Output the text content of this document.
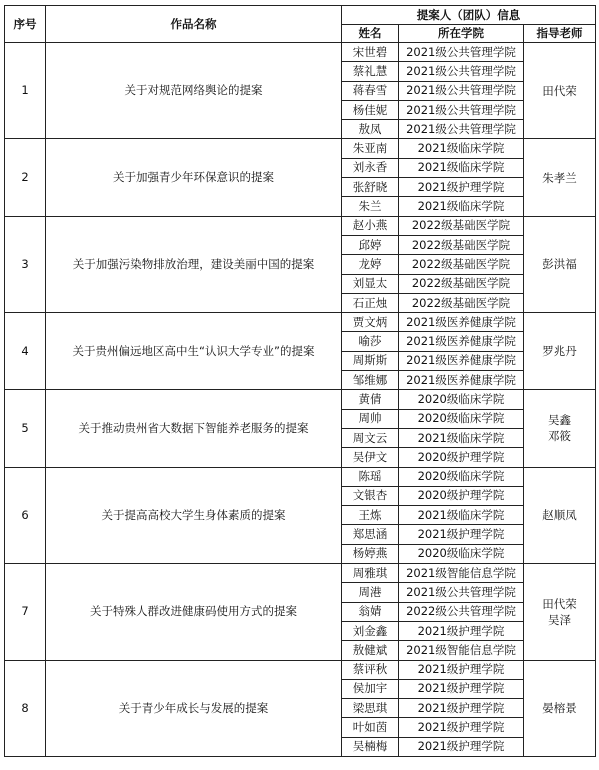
序号	作品名称	提案人（团队）信息		
		姓名	所在学院	指导老师
1	关于对规范网络舆论的提案	宋世碧	2021级公共管理学院	田代荣

		蔡礼慧	2021级公共管理学院	
		蒋春雪	2021级公共管理学院	
		杨佳妮	2021级公共管理学院	
		敖凤	2021级公共管理学院	
2	关于加强青少年环保意识的提案	朱亚南	2021级临床学院	朱孝兰

		刘永香	2021级临床学院	
		张舒晓	2021级护理学院	
		朱兰	2021级临床学院	
3	关于加强污染物排放治理，建设美丽中国的提案	赵小燕	2022级基础医学院	彭洪福

		邱婷	2022级基础医学院	
		龙婷	2022级基础医学院	
		刘显太	2022级基础医学院	
		石正烛	2022级基础医学院	
4	关于贵州偏远地区高中生“认识大学专业”的提案	贾文炳	2021级医养健康学院	罗兆丹

		喻莎	2021级医养健康学院	
		周斯斯	2021级医养健康学院	
		邹维娜	2021级医养健康学院	
5	关于推动贵州省大数据下智能养老服务的提案	黄倩	2020级临床学院	吴鑫
邓筱

		周帅	2020级临床学院	
		周文云	2021级临床学院	
		吴伊文	2020级护理学院	
6	关于提高高校大学生身体素质的提案	陈瑶	2020级临床学院	赵顺凤

		文银杏	2020级护理学院	
		王炼	2021级临床学院	
		郑思涵	2021级护理学院	
		杨婷燕	2020级临床学院	
7	关于特殊人群改进健康码使用方式的提案	周雅琪	2021级智能信息学院	田代荣
吴泽

		周港	2021级公共管理学院	
		翁婧	2022级公共管理学院	
		刘金鑫	2021级护理学院	
		敖健斌	2021级智能信息学院	
8	关于青少年成长与发展的提案	蔡评秋	2021级护理学院	晏榕景

		侯加宇	2021级护理学院	
		梁思琪	2021级护理学院	
		叶如茵	2021级护理学院	
		吴楠梅	2021级护理学院	
